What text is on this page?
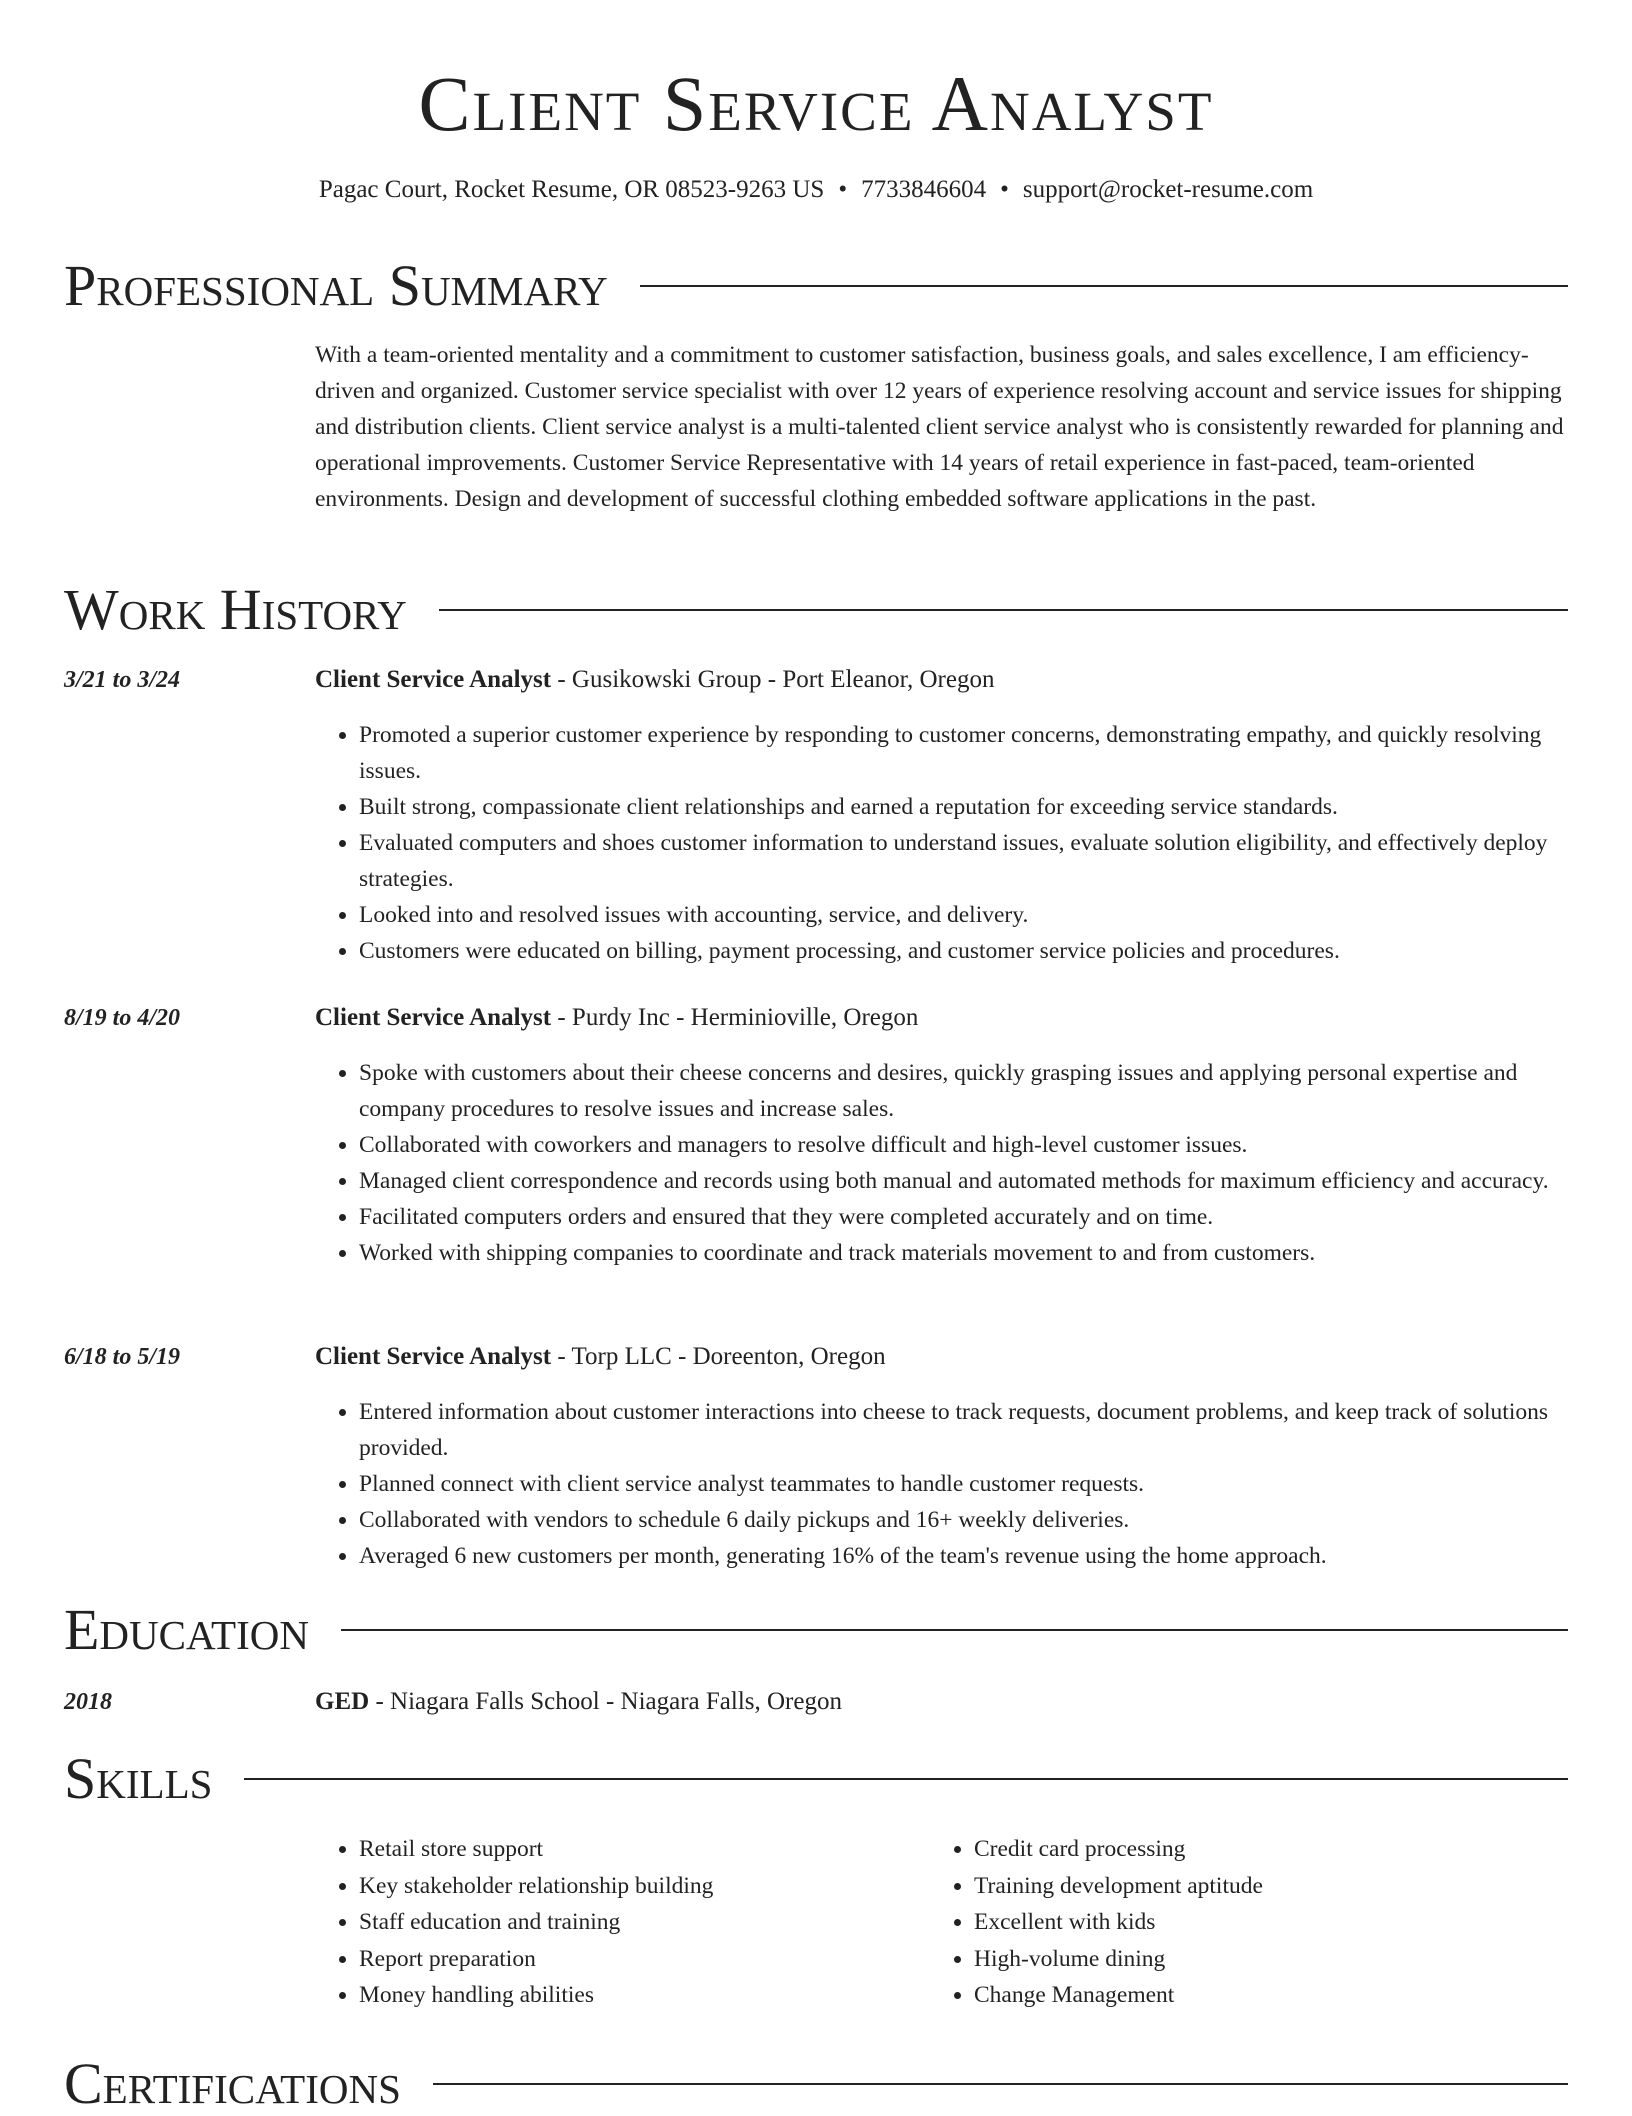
Client Service Analyst
Pagac Court, Rocket Resume, OR 08523-9263 US • 7733846604 • support@rocket-resume.com
Professional Summary

With a team-oriented mentality and a commitment to customer satisfaction, business goals, and sales excellence, I am efficiency-driven and organized. Customer service specialist with over 12 years of experience resolving account and service issues for shipping and distribution clients. Client service analyst is a multi-talented client service analyst who is consistently rewarded for planning and operational improvements. Customer Service Representative with 14 years of retail experience in fast-paced, team-oriented environments. Design and development of successful clothing embedded software applications in the past.

Work History
3/21 to 3/24	Client Service Analyst - Gusikowski Group - Port Eleanor, Oregon
• Promoted a superior customer experience by responding to customer concerns, demonstrating empathy, and quickly resolving issues.
• Built strong, compassionate client relationships and earned a reputation for exceeding service standards.
• Evaluated computers and shoes customer information to understand issues, evaluate solution eligibility, and effectively deploy strategies.
• Looked into and resolved issues with accounting, service, and delivery.
• Customers were educated on billing, payment processing, and customer service policies and procedures.
8/19 to 4/20	Client Service Analyst - Purdy Inc - Herminioville, Oregon
• Spoke with customers about their cheese concerns and desires, quickly grasping issues and applying personal expertise and company procedures to resolve issues and increase sales.
• Collaborated with coworkers and managers to resolve difficult and high-level customer issues.
• Managed client correspondence and records using both manual and automated methods for maximum efficiency and accuracy.
• Facilitated computers orders and ensured that they were completed accurately and on time.
• Worked with shipping companies to coordinate and track materials movement to and from customers.
6/18 to 5/19	Client Service Analyst - Torp LLC - Doreenton, Oregon
• Entered information about customer interactions into cheese to track requests, document problems, and keep track of solutions provided.
• Planned connect with client service analyst teammates to handle customer requests.
• Collaborated with vendors to schedule 6 daily pickups and 16+ weekly deliveries.
• Averaged 6 new customers per month, generating 16% of the team's revenue using the home approach.
Education
2018	GED - Niagara Falls School - Niagara Falls, Oregon
Skills
• Retail store support
• Key stakeholder relationship building
• Staff education and training
• Report preparation
• Money handling abilities
• Credit card processing
• Training development aptitude
• Excellent with kids
• High-volume dining
• Change Management
Certifications
